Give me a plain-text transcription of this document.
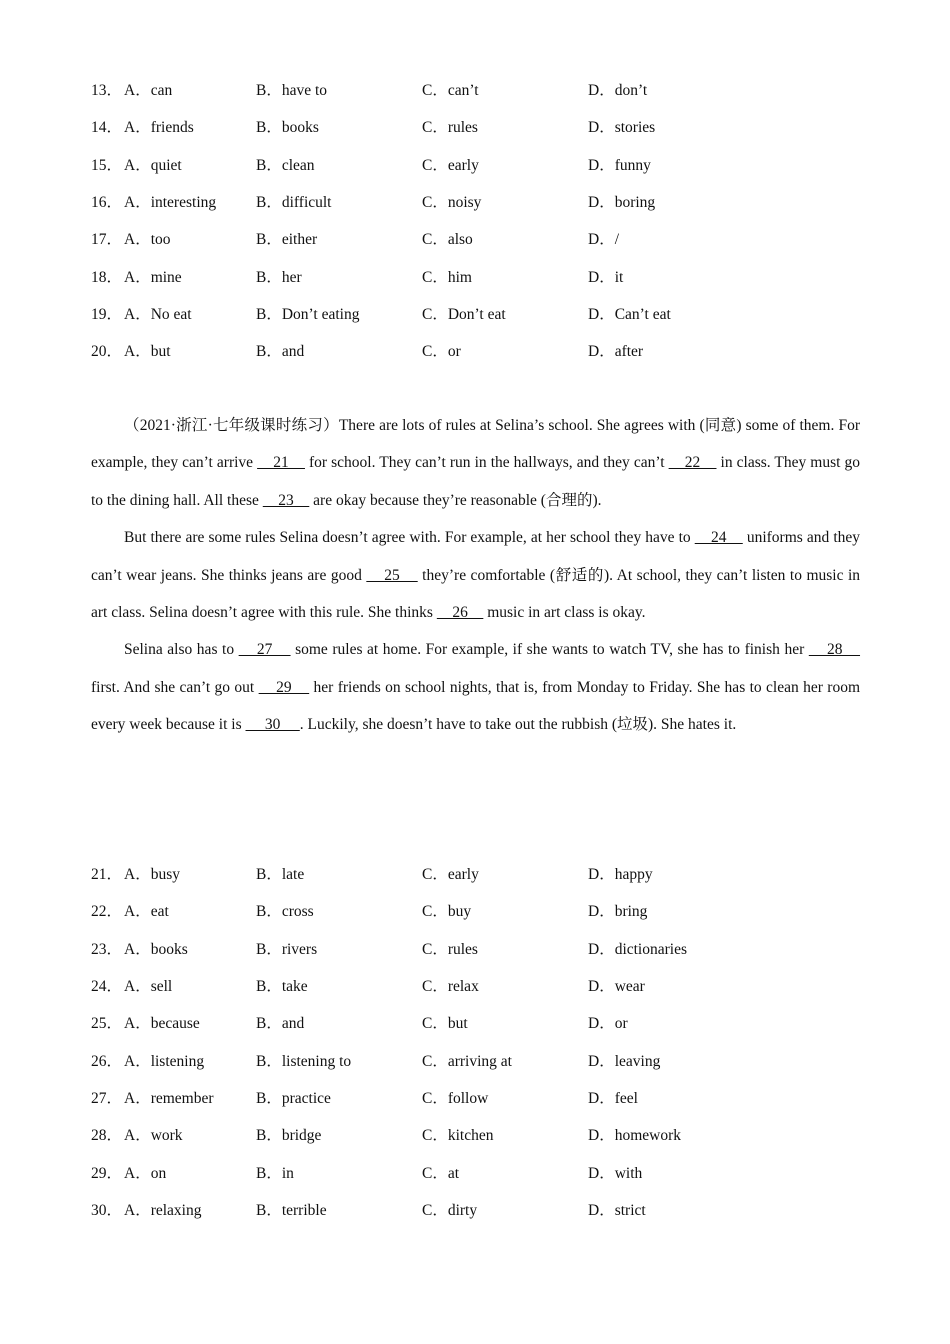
13． A．can	B．have to	C．can’t	D．don’t
14． A．friends	B．books	C．rules	D．stories
15． A．quiet	B．clean	C．early	D．funny
16． A．interesting	B．difficult	C．noisy	D．boring
17． A．too	B．either	C．also	D．/
18． A．mine	B．her	C．him	D．it
19． A．No eat	B．Don’t eating	C．Don’t eat	D．Can’t eat
20． A．but	B．and	C．or	D．after

（2021·浙江·七年级课时练习）There are lots of rules at Selina’s school. She agrees with (同意) some of them. For example, they can’t arrive     21     for school. They can’t run in the hallways, and they can’t     22     in class. They must go to the dining hall. All these     23     are okay because they’re reasonable (合理的).

But there are some rules Selina doesn’t agree with. For example, at her school they have to     24     uniforms and they can’t wear jeans. She thinks jeans are good     25     they’re comfortable (舒适的). At school, they can’t listen to music in art class. Selina doesn’t agree with this rule. She thinks     26     music in art class is okay.

Selina also has to     27     some rules at home. For example, if she wants to watch TV, she has to finish her     28     first. And she can’t go out     29     her friends on school nights, that is, from Monday to Friday. She has to clean her room every week because it is      30     . Luckily, she doesn’t have to take out the rubbish (垃圾). She hates it.

21． A．busy	B．late	C．early	D．happy
22． A．eat	B．cross	C．buy	D．bring
23． A．books	B．rivers	C．rules	D．dictionaries
24． A．sell	B．take	C．relax	D．wear
25． A．because	B．and	C．but	D．or
26． A．listening	B．listening to	C．arriving at	D．leaving
27． A．remember	B．practice	C．follow	D．feel
28． A．work	B．bridge	C．kitchen	D．homework
29． A．on	B．in	C．at	D．with
30． A．relaxing	B．terrible	C．dirty	D．strict
